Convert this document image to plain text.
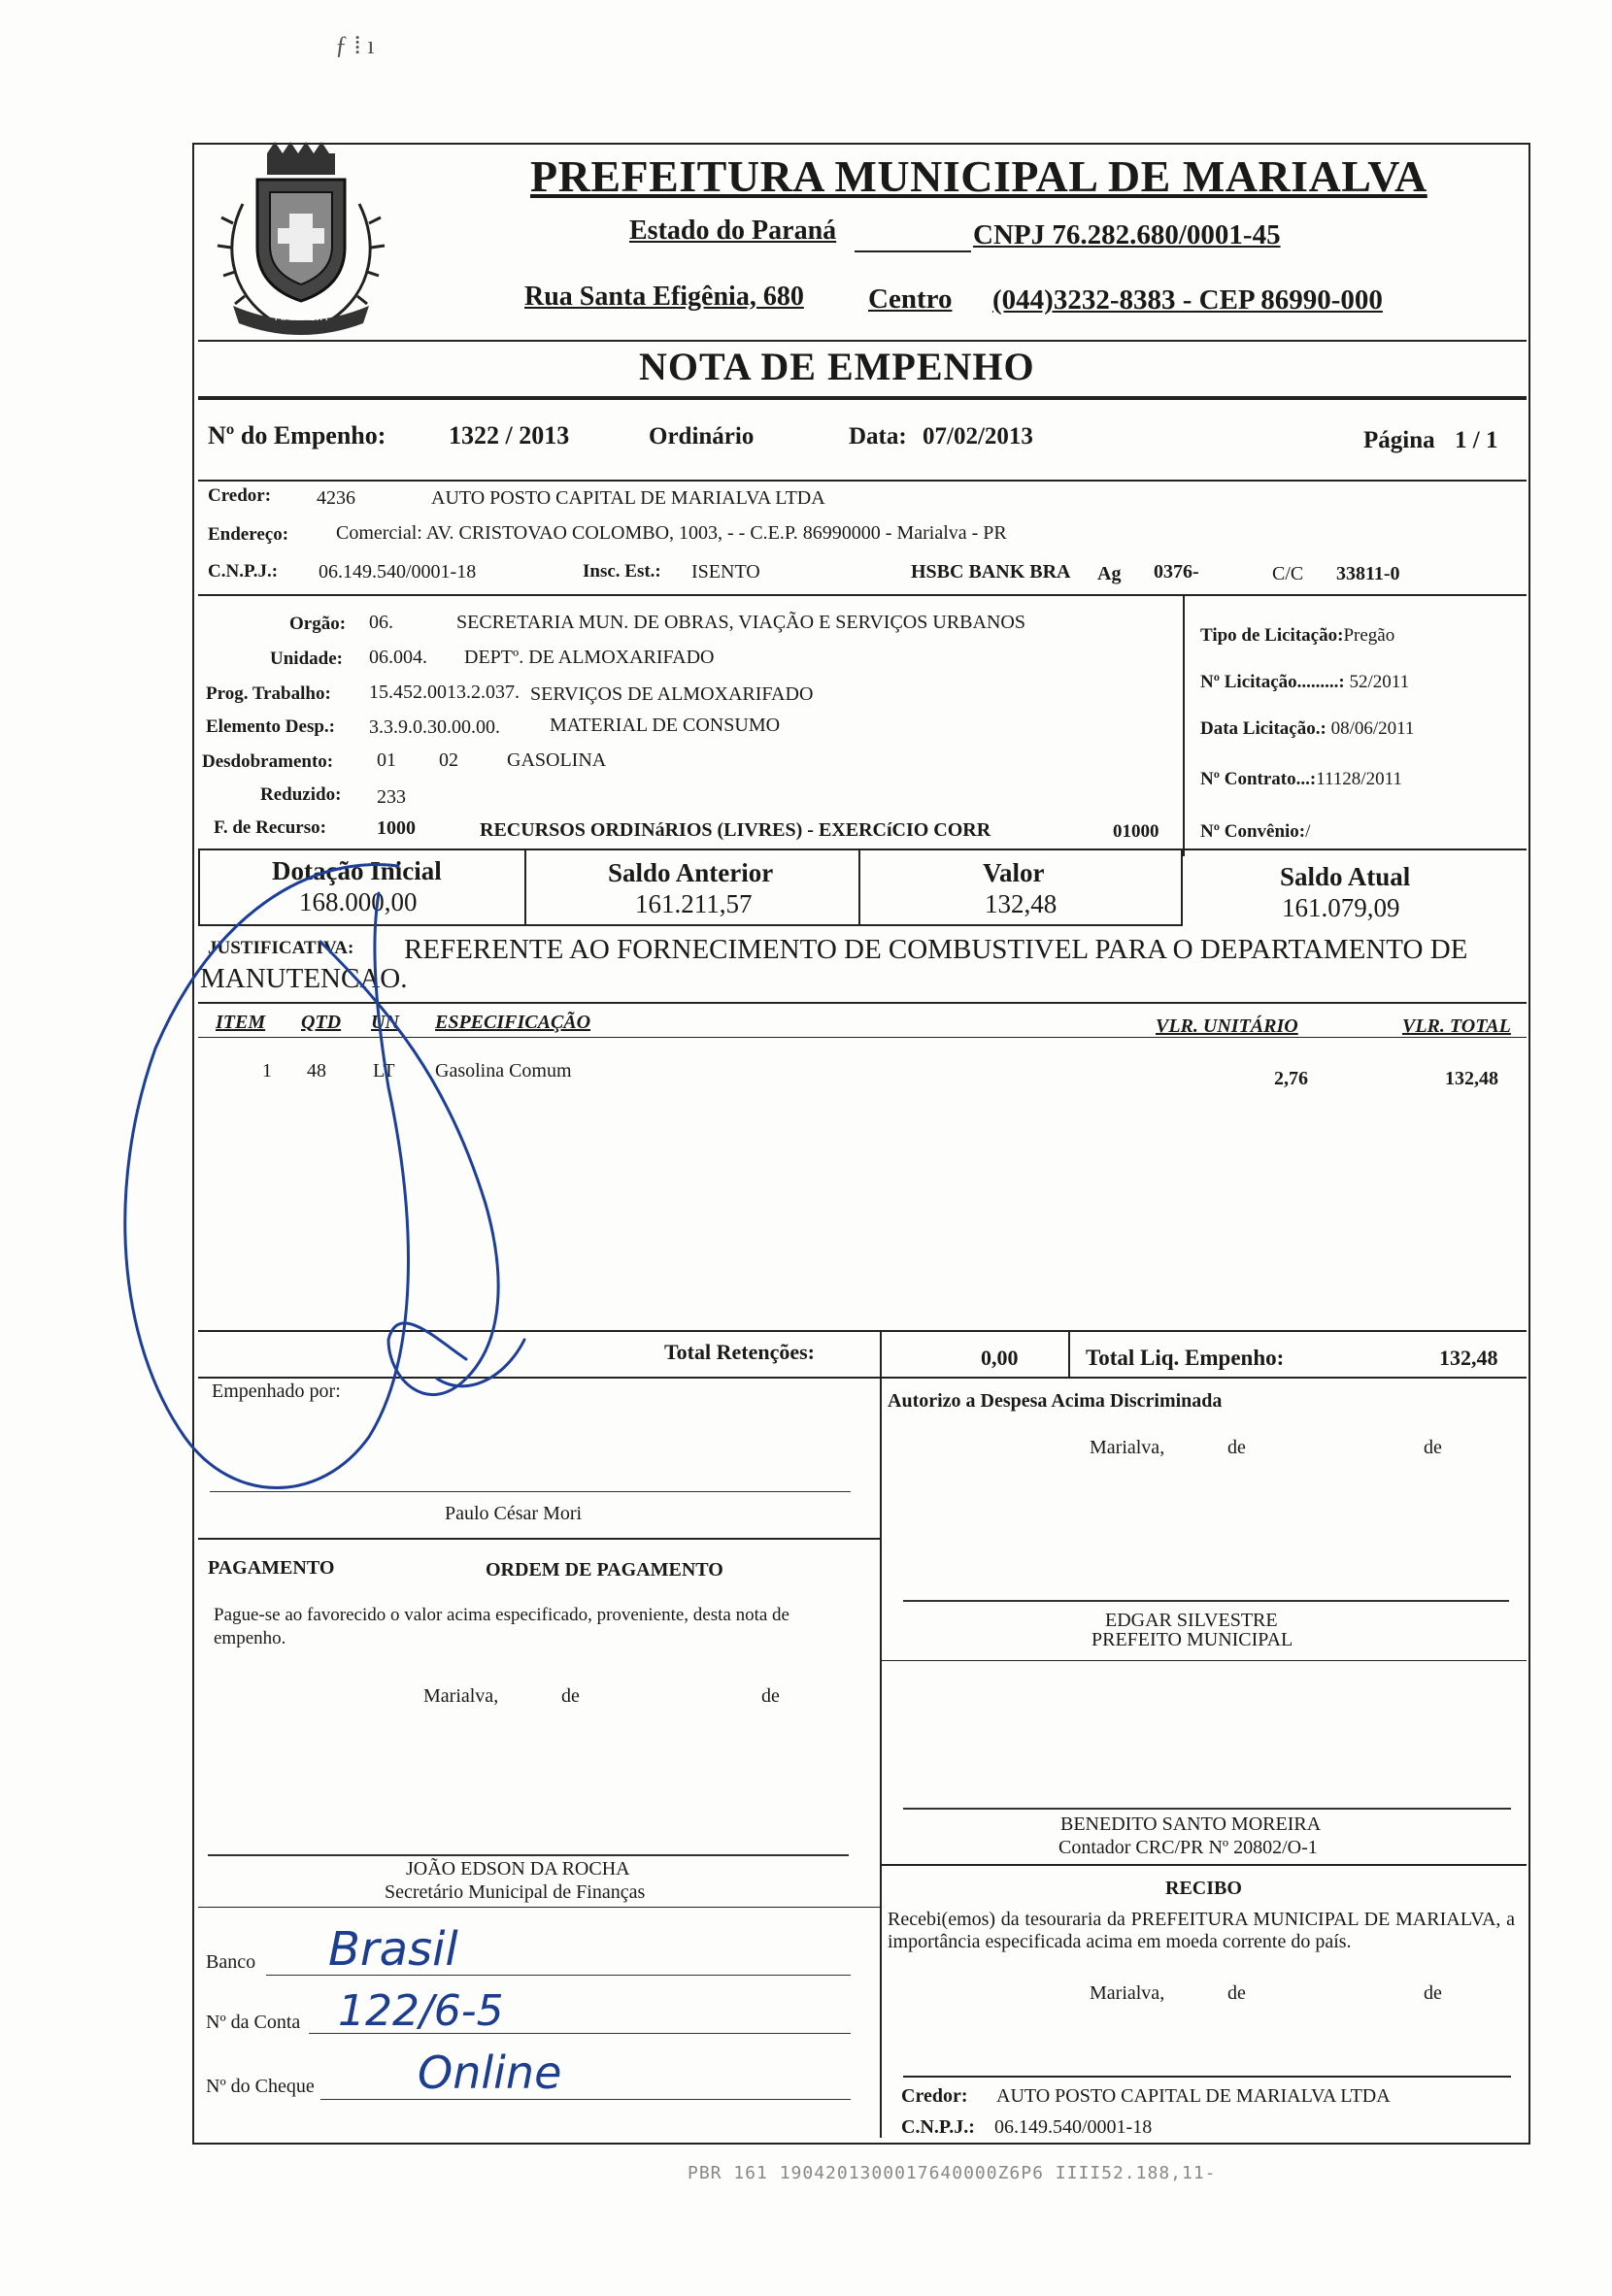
ƒ ⁞ ı
MARIALVA
PREFEITURA MUNICIPAL DE MARIALVA
Estado do Paraná	CNPJ 76.282.680/0001-45
Rua Santa Efigênia, 680 Centro (044)3232-8383 - CEP 86990-000
NOTA DE EMPENHO
Nº do Empenho: 1322 / 2013	Ordinário	Data: 07/02/2013	Página 1 / 1
Credor: 4236	AUTO POSTO CAPITAL DE MARIALVA LTDA
Endereço: Comercial: AV. CRISTOVAO COLOMBO, 1003, - - C.E.P. 86990000 - Marialva - PR
C.N.P.J.: 06.149.540/0001-18	Insc. Est.: ISENTO	HSBC BANK BRA Ag 0376-	C/C 33811-0
Orgão: 06.	SECRETARIA MUN. DE OBRAS, VIAÇÃO E SERVIÇOS URBANOS
Unidade: 06.004. DEPTº. DE ALMOXARIFADO
Prog. Trabalho: 15.452.0013.2.037. SERVIÇOS DE ALMOXARIFADO
Elemento Desp.: 3.3.9.0.30.00.00.	MATERIAL DE CONSUMO
Desdobramento: 01 02	GASOLINA
Reduzido: 233
F. de Recurso:	1000	RECURSOS ORDINáRIOS (LIVRES) - EXERCíCIO CORR	01000
Tipo de Licitação:Pregão
Nº Licitação.........: 52/2011
Data Licitação.: 08/06/2011
Nº Contrato...:11128/2011
Nº Convênio:/
Dotação Inicial
168.000,00
Saldo Anterior
161.211,57
Valor
132,48
Saldo Atual
161.079,09
JUSTIFICATIVA: REFERENTE AO FORNECIMENTO DE COMBUSTIVEL PARA O DEPARTAMENTO DE
MANUTENCAO.
ITEM QTD UN ESPECIFICAÇÃO	VLR. UNITÁRIO	VLR. TOTAL
1 48 LT Gasolina Comum	2,76	132,48
Total Retenções:	0,00	Total Liq. Empenho:	132,48
Empenhado por:
Paulo César Mori
Autorizo a Despesa Acima Discriminada
Marialva,	de	de
PAGAMENTO	ORDEM DE PAGAMENTO
Pague-se ao favorecido o valor acima especificado, proveniente, desta nota de empenho.
Marialva,	de	de
EDGAR SILVESTRE
PREFEITO MUNICIPAL
BENEDITO SANTO MOREIRA
Contador CRC/PR Nº 20802/O-1
RECIBO
Recebi(emos) da tesouraria da PREFEITURA MUNICIPAL DE MARIALVA, a importância especificada acima em moeda corrente do país.
Marialva,	de	de
Credor: AUTO POSTO CAPITAL DE MARIALVA LTDA
C.N.P.J.: 06.149.540/0001-18
JOÃO EDSON DA ROCHA
Secretário Municipal de Finanças
Banco Brasil
Nº da Conta 122/6-5
Nº do Cheque Online
PBR 161 1904201300017640000Z6P6 IIII52.188,11-
